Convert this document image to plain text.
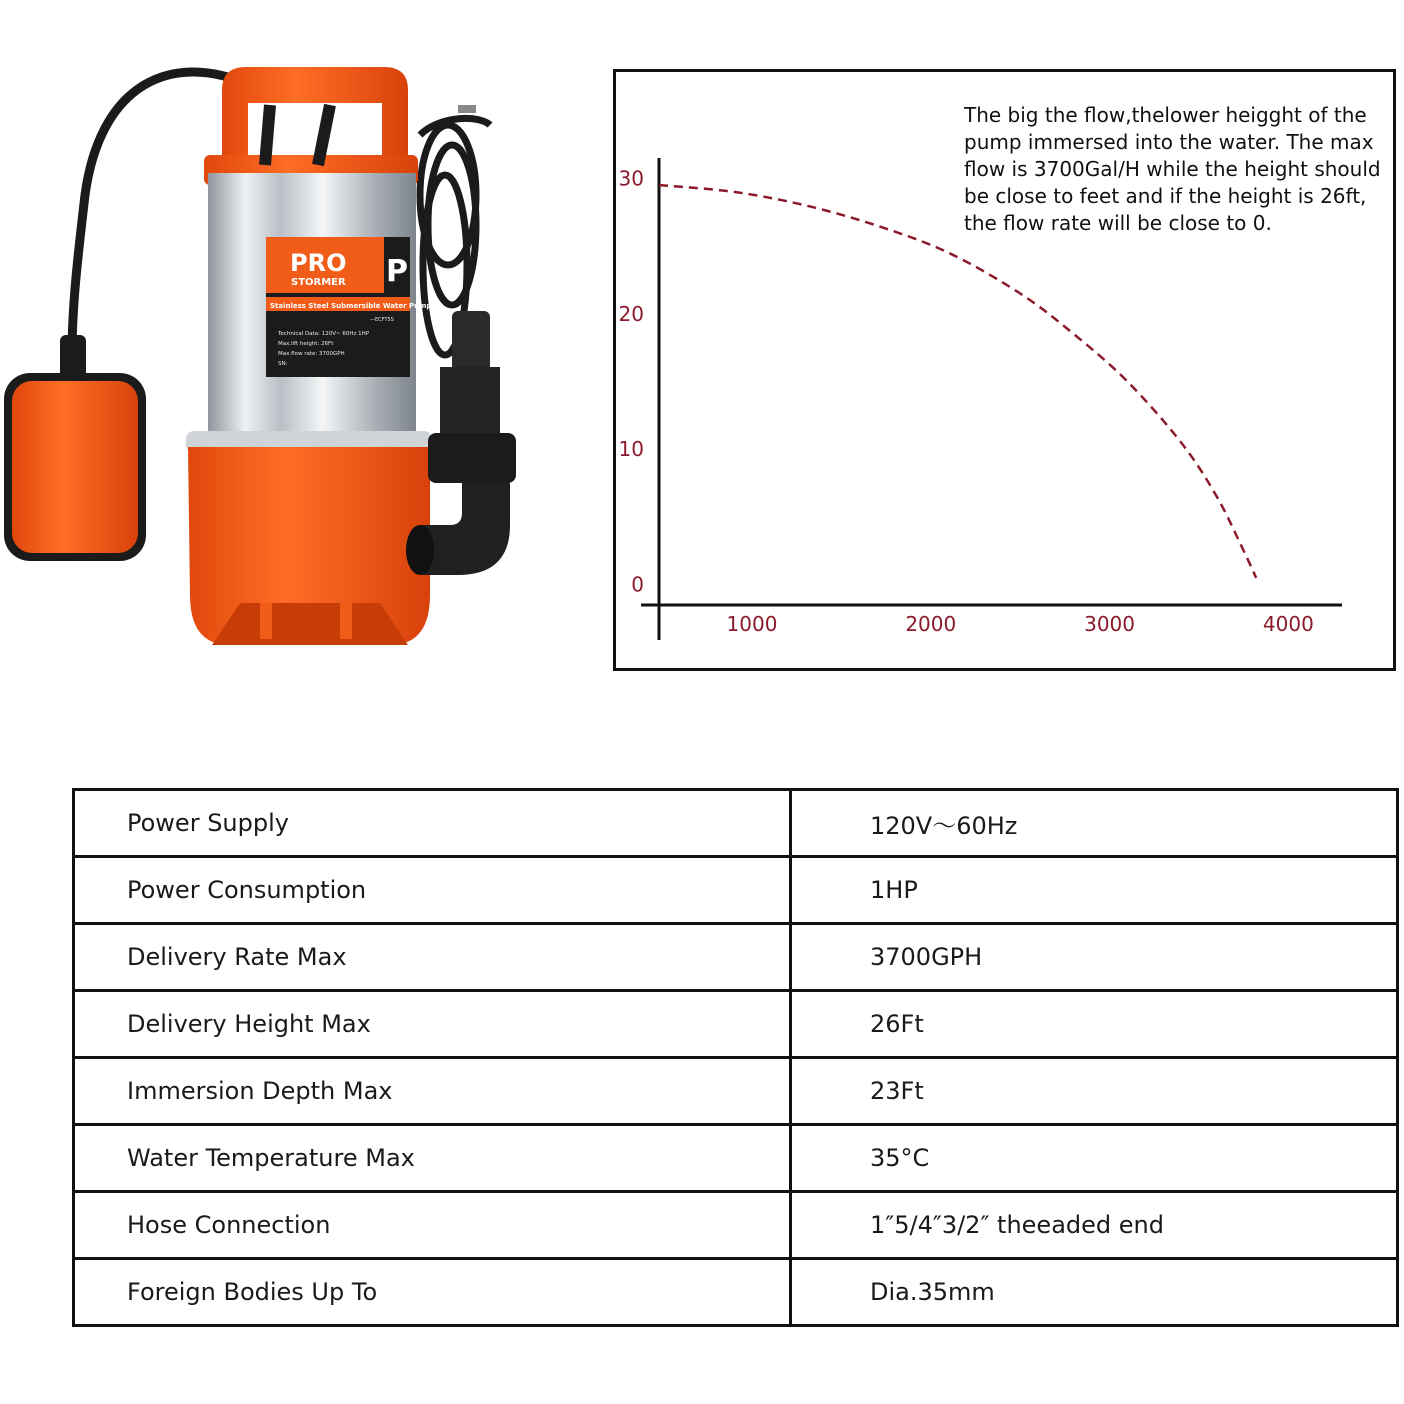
PRO
STORMER P
Stainless Steel Submersible Water Pump
—ECFT5S
Technical Data: 120V~ 60Hz 1HP
Max.lift height: 26Ft
Max.flow rate: 3700GPH
SN:
0
10
20
30
1000	2000	3000	4000

The big the flow,thelower heigght of the pump immersed into the water. The max flow is 3700Gal/H while the height should be close to feet and if the height is 26ft, the flow rate will be close to 0.

Power Supply	120V～60Hz
Power Consumption	1HP
Delivery Rate Max	3700GPH
Delivery Height Max	26Ft
Immersion Depth Max	23Ft
Water Temperature Max	35°C
Hose Connection	1″5/4″3/2″ theeaded end
Foreign Bodies Up To	Dia.35mm
